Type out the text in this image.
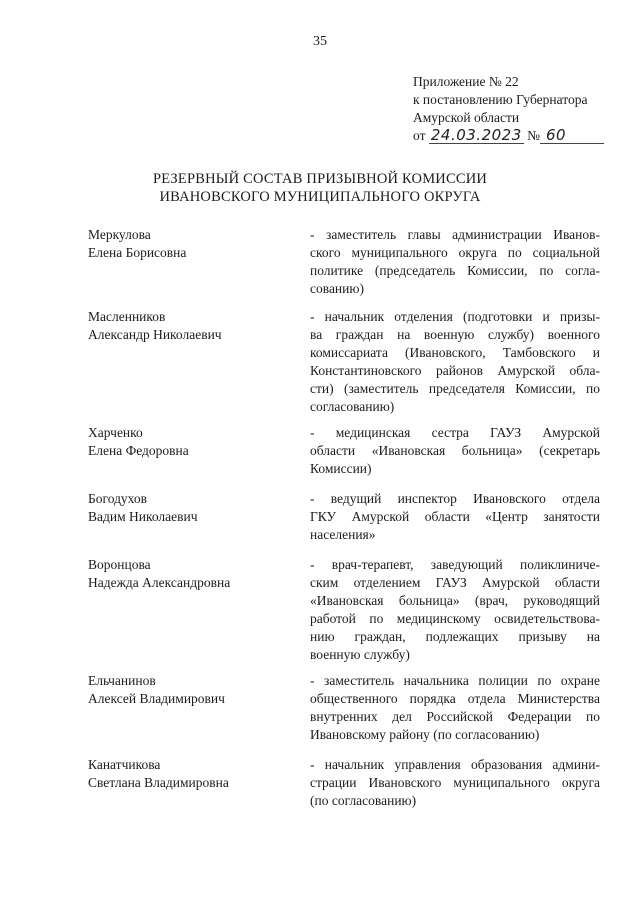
35
Приложение № 22
к постановлению Губернатора
Амурской области
от 24.03.2023 № 60
РЕЗЕРВНЫЙ СОСТАВ ПРИЗЫВНОЙ КОМИССИИ
ИВАНОВСКОГО МУНИЦИПАЛЬНОГО ОКРУГА
Меркулова
Елена Борисовна
- заместитель главы администрации Иванов-
ского муниципального округа по социальной
политике (председатель Комиссии, по согла-
сованию)
Масленников
Александр Николаевич
- начальник отделения (подготовки и призы-
ва граждан на военную службу) военного
комиссариата (Ивановского, Тамбовского и
Константиновского районов Амурской обла-
сти) (заместитель председателя Комиссии, по
согласованию)
Харченко
Елена Федоровна
- медицинская сестра ГАУЗ Амурской
области «Ивановская больница» (секретарь
Комиссии)
Богодухов
Вадим Николаевич
- ведущий инспектор Ивановского отдела
ГКУ Амурской области «Центр занятости
населения»
Воронцова
Надежда Александровна
- врач-терапевт, заведующий поликлиниче-
ским отделением ГАУЗ Амурской области
«Ивановская больница» (врач, руководящий
работой по медицинскому освидетельствова-
нию граждан, подлежащих призыву на
военную службу)
Ельчанинов
Алексей Владимирович
- заместитель начальника полиции по охране
общественного порядка отдела Министерства
внутренних дел Российской Федерации по
Ивановскому району (по согласованию)
Канатчикова
Светлана Владимировна
- начальник управления образования админи-
страции Ивановского муниципального округа
(по согласованию)
